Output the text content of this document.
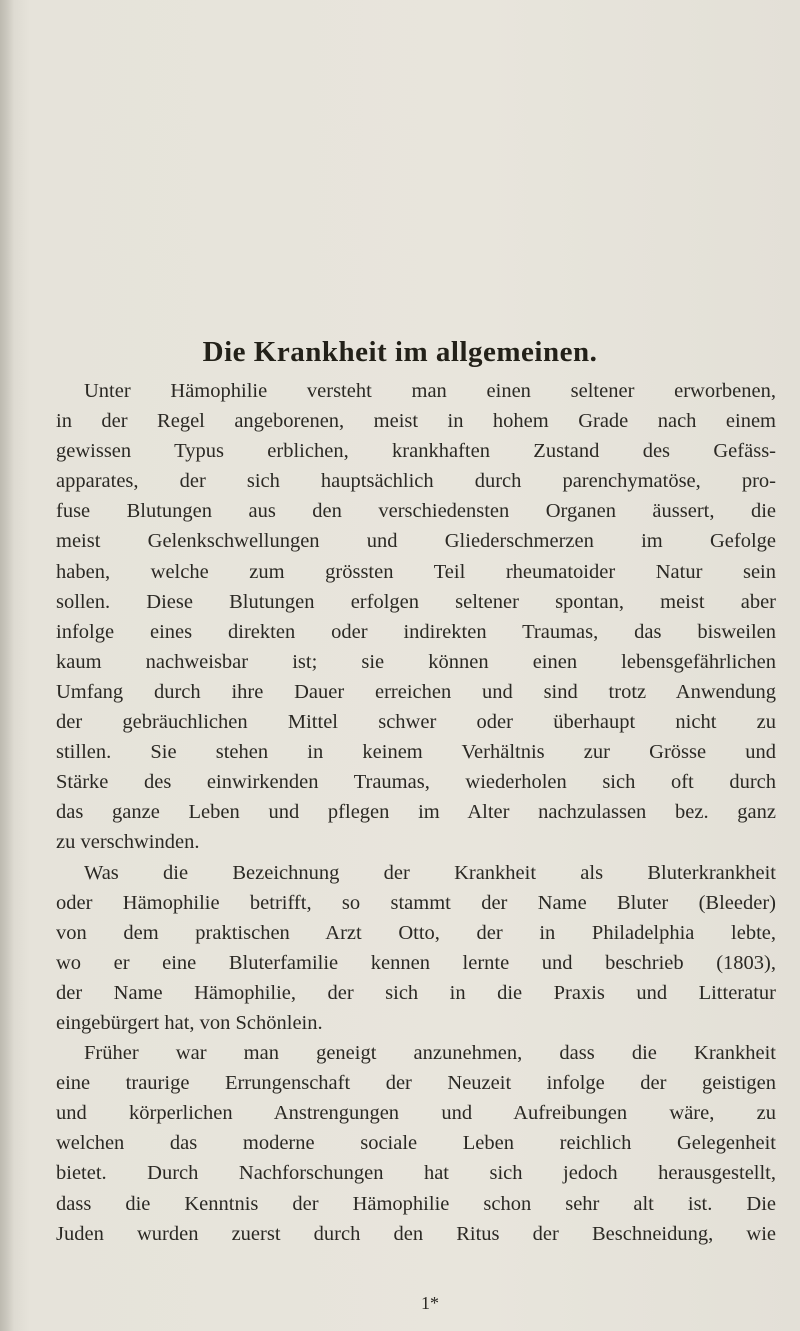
Die Krankheit im allgemeinen.
Unter Hämophilie versteht man einen seltener erworbenen,
in der Regel angeborenen, meist in hohem Grade nach einem
gewissen Typus erblichen, krankhaften Zustand des Gefäss-
apparates, der sich hauptsächlich durch parenchymatöse, pro-
fuse Blutungen aus den verschiedensten Organen äussert, die
meist Gelenkschwellungen und Gliederschmerzen im Gefolge
haben, welche zum grössten Teil rheumatoider Natur sein
sollen. Diese Blutungen erfolgen seltener spontan, meist aber
infolge eines direkten oder indirekten Traumas, das bisweilen
kaum nachweisbar ist; sie können einen lebensgefährlichen
Umfang durch ihre Dauer erreichen und sind trotz Anwendung
der gebräuchlichen Mittel schwer oder überhaupt nicht zu
stillen. Sie stehen in keinem Verhältnis zur Grösse und
Stärke des einwirkenden Traumas, wiederholen sich oft durch
das ganze Leben und pflegen im Alter nachzulassen bez. ganz
zu verschwinden.
Was die Bezeichnung der Krankheit als Bluterkrankheit
oder Hämophilie betrifft, so stammt der Name Bluter (Bleeder)
von dem praktischen Arzt Otto, der in Philadelphia lebte,
wo er eine Bluterfamilie kennen lernte und beschrieb (1803),
der Name Hämophilie, der sich in die Praxis und Litteratur
eingebürgert hat, von Schönlein.
Früher war man geneigt anzunehmen, dass die Krankheit
eine traurige Errungenschaft der Neuzeit infolge der geistigen
und körperlichen Anstrengungen und Aufreibungen wäre, zu
welchen das moderne sociale Leben reichlich Gelegenheit
bietet. Durch Nachforschungen hat sich jedoch herausgestellt,
dass die Kenntnis der Hämophilie schon sehr alt ist. Die
Juden wurden zuerst durch den Ritus der Beschneidung, wie
1*
